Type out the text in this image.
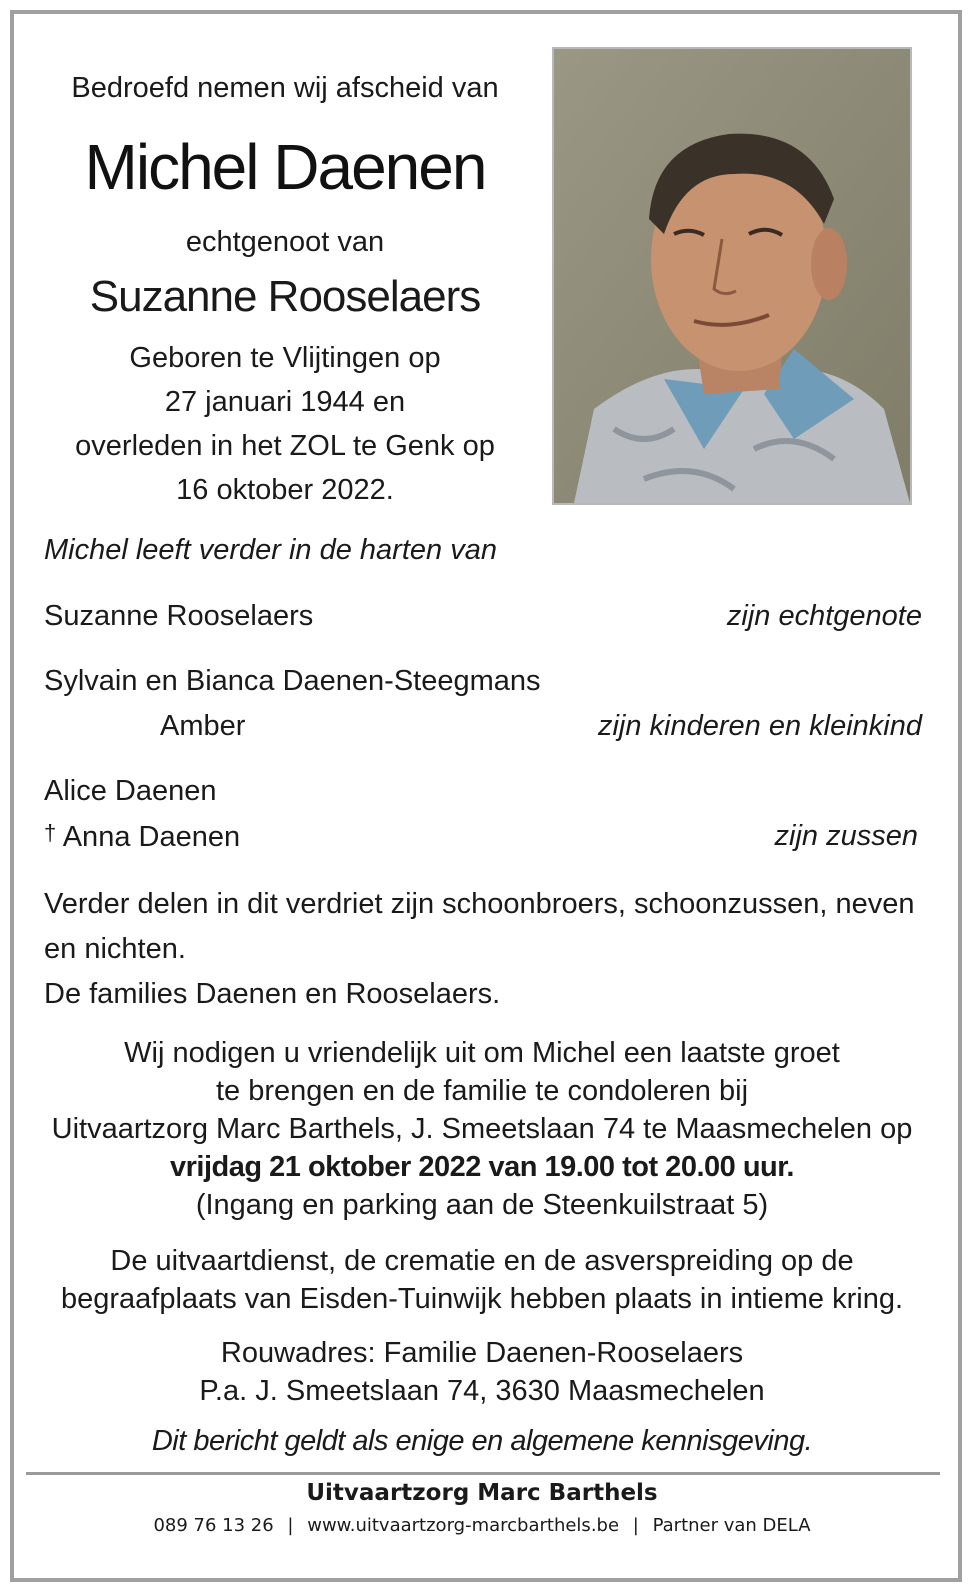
Bedroefd nemen wij afscheid van
Michel Daenen
echtgenoot van
Suzanne Rooselaers
Geboren te Vlijtingen op
27 januari 1944 en
overleden in het ZOL te Genk op
16 oktober 2022.
Michel leeft verder in de harten van
Suzanne Rooselaers	zijn echtgenote
Sylvain en Bianca Daenen-Steegmans
Amber	zijn kinderen en kleinkind
Alice Daenen
† Anna Daenen	zijn zussen
Verder delen in dit verdriet zijn schoonbroers, schoonzussen, neven
en nichten.
De families Daenen en Rooselaers.
Wij nodigen u vriendelijk uit om Michel een laatste groet
te brengen en de familie te condoleren bij
Uitvaartzorg Marc Barthels, J. Smeetslaan 74 te Maasmechelen op
vrijdag 21 oktober 2022 van 19.00 tot 20.00 uur.
(Ingang en parking aan de Steenkuilstraat 5)
De uitvaartdienst, de crematie en de asverspreiding op de
begraafplaats van Eisden-Tuinwijk hebben plaats in intieme kring.
Rouwadres: Familie Daenen-Rooselaers
P.a. J. Smeetslaan 74, 3630 Maasmechelen
Dit bericht geldt als enige en algemene kennisgeving.
Uitvaartzorg Marc Barthels
089 76 13 26 | www.uitvaartzorg-marcbarthels.be | Partner van DELA
